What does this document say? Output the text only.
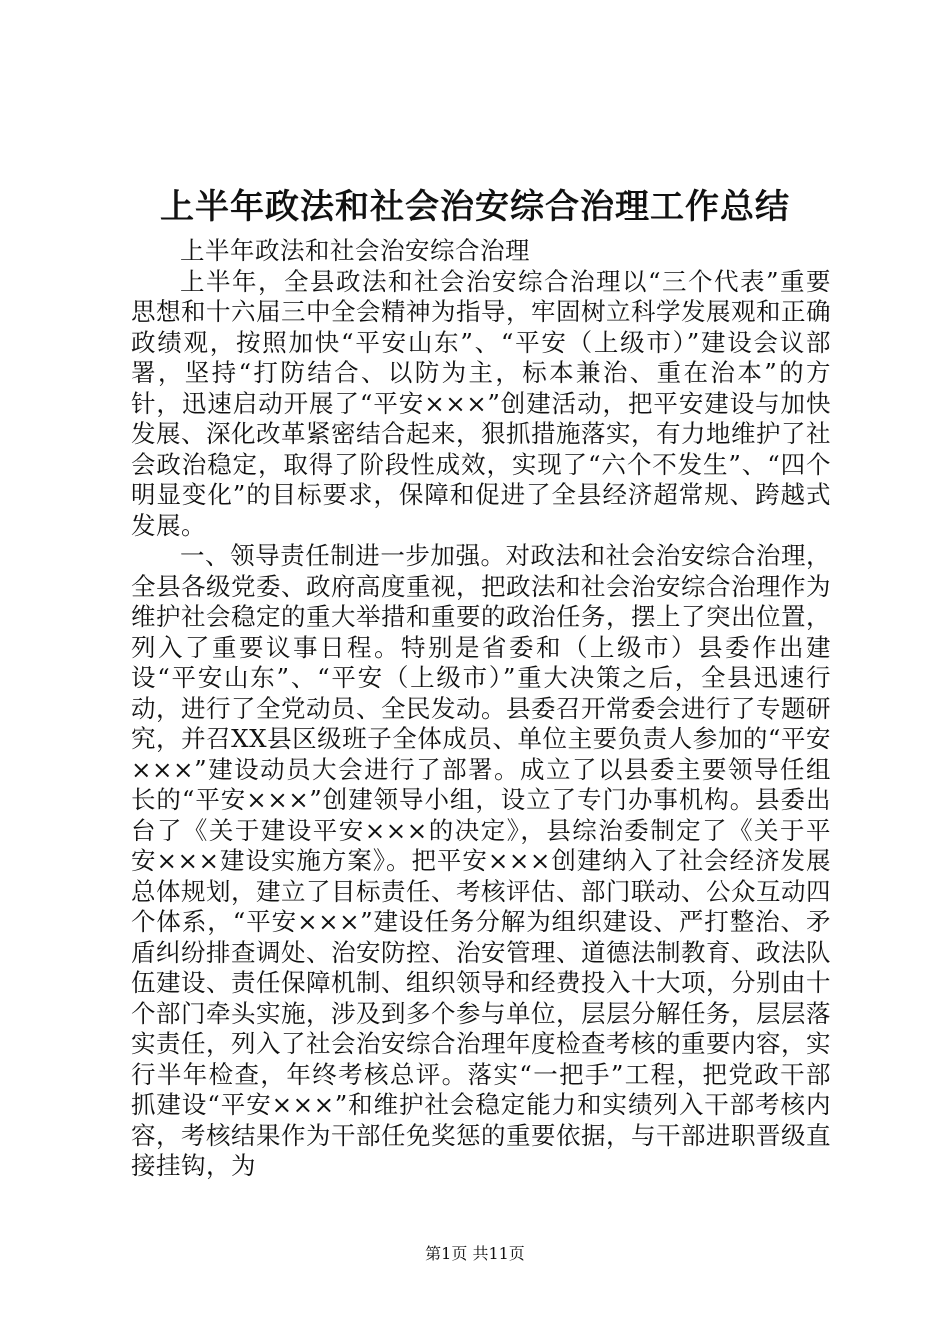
上半年政法和社会治安综合治理工作总结

上半年政法和社会治安综合治理

上半年，全县政法和社会治安综合治理以“三个代表”重要思想和十六届三中全会精神为指导，牢固树立科学发展观和正确政绩观，按照加快“平安山东”、“平安（上级市）”建设会议部署，坚持“打防结合、以防为主，标本兼治、重在治本”的方针，迅速启动开展了“平安×××”创建活动，把平安建设与加快发展、深化改革紧密结合起来，狠抓措施落实，有力地维护了社会政治稳定，取得了阶段性成效，实现了“六个不发生”、“四个明显变化”的目标要求，保障和促进了全县经济超常规、跨越式发展。

一、领导责任制进一步加强。对政法和社会治安综合治理，全县各级党委、政府高度重视，把政法和社会治安综合治理作为维护社会稳定的重大举措和重要的政治任务，摆上了突出位置，列入了重要议事日程。特别是省委和（上级市）县委作出建设“平安山东”、“平安（上级市）”重大决策之后，全县迅速行动，进行了全党动员、全民发动。县委召开常委会进行了专题研究，并召XX县区级班子全体成员、单位主要负责人参加的“平安×××”建设动员大会进行了部署。成立了以县委主要领导任组长的“平安×××”创建领导小组，设立了专门办事机构。县委出台了《关于建设平安×××的决定》，县综治委制定了《关于平安×××建设实施方案》。把平安×××创建纳入了社会经济发展总体规划，建立了目标责任、考核评估、部门联动、公众互动四个体系，“平安×××”建设任务分解为组织建设、严打整治、矛盾纠纷排查调处、治安防控、治安管理、道德法制教育、政法队伍建设、责任保障机制、组织领导和经费投入十大项，分别由十个部门牵头实施，涉及到多个参与单位，层层分解任务，层层落实责任，列入了社会治安综合治理年度检查考核的重要内容，实行半年检查，年终考核总评。落实“一把手”工程，把党政干部抓建设“平安×××”和维护社会稳定能力和实绩列入干部考核内容，考核结果作为干部任免奖惩的重要依据，与干部进职晋级直接挂钩，为

第1页 共11页
